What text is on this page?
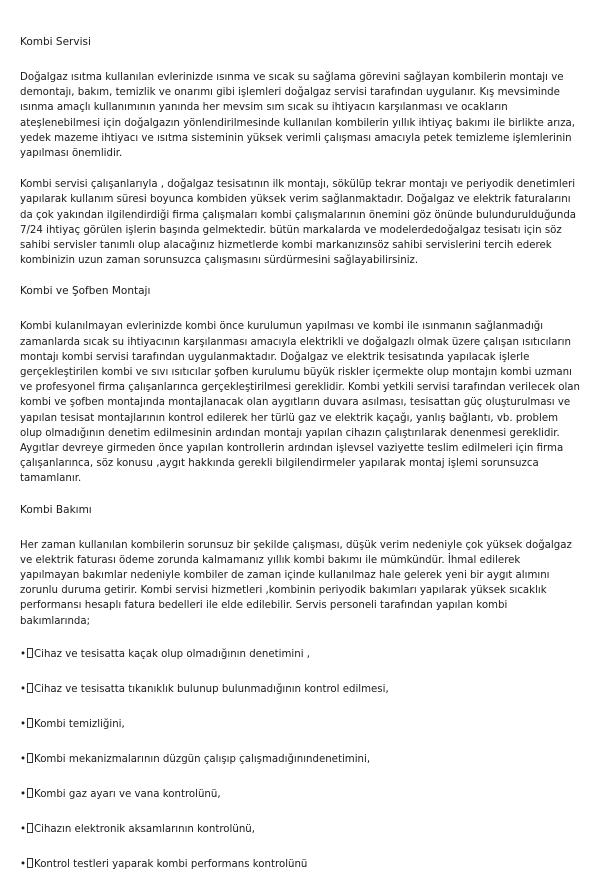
Kombi Servisi

Doğalgaz ısıtma kullanılan evlerinizde ısınma ve sıcak su sağlama görevini sağlayan kombilerin montajı ve demontajı, bakım, temizlik ve onarımı gibi işlemleri doğalgaz servisi tarafından uygulanır. Kış mevsiminde ısınma amaçlı kullanımının yanında her mevsim sım sıcak su ihtiyacın karşılanması ve ocakların ateşlenebilmesi için doğalgazın yönlendirilmesinde kullanılan kombilerin yıllık ihtiyaç bakımı ile birlikte arıza, yedek mazeme ihtiyacı ve ısıtma sisteminin yüksek verimli çalışması amacıyla petek temizleme işlemlerinin yapılması önemlidir.

Kombi servisi çalışanlarıyla , doğalgaz tesisatının ilk montajı, sökülüp tekrar montajı ve periyodik denetimleri yapılarak kullanım süresi boyunca kombiden yüksek verim sağlanmaktadır. Doğalgaz ve elektrik faturalarını da çok yakından ilgilendirdiği firma çalışmaları kombi çalışmalarının önemini göz önünde bulundurulduğunda 7/24 ihtiyaç görülen işlerin başında gelmektedir. bütün markalarda ve modelerdedoğalgaz tesisatı için söz sahibi servisler tanımlı olup alacağınız hizmetlerde kombi markanızınsöz sahibi servislerini tercih ederek kombinizin uzun zaman sorunsuzca çalışmasını sürdürmesini sağlayabilirsiniz.

Kombi ve Şofben Montajı

Kombi kulanılmayan evlerinizde kombi önce kurulumun yapılması ve kombi ile ısınmanın sağlanmadığı zamanlarda sıcak su ihtiyacının karşılanması amacıyla elektrikli ve doğalgazlı olmak üzere çalışan ısıtıcıların montajı kombi servisi tarafından uygulanmaktadır. Doğalgaz ve elektrik tesisatında yapılacak işlerle gerçekleştirilen kombi ve sıvı ısıtıcılar şofben kurulumu büyük riskler içermekte olup montajın kombi uzmanı ve profesyonel firma çalışanlarınca gerçekleştirilmesi gereklidir. Kombi yetkili servisi tarafından verilecek olan kombi ve şofben montajında montajlanacak olan aygıtların duvara asılması, tesisattan güç oluşturulması ve yapılan tesisat montajlarının kontrol edilerek her türlü gaz ve elektrik kaçağı, yanlış bağlantı, vb. problem olup olmadığının denetim edilmesinin ardından montajı yapılan cihazın çalıştırılarak denenmesi gereklidir. Aygıtlar devreye girmeden önce yapılan kontrollerin ardından işlevsel vaziyette teslim edilmeleri için firma çalışanlarınca, söz konusu ,aygıt hakkında gerekli bilgilendirmeler yapılarak montaj işlemi sorunsuzca tamamlanır.

Kombi Bakımı

Her zaman kullanılan kombilerin sorunsuz bir şekilde çalışması, düşük verim nedeniyle çok yüksek doğalgaz ve elektrik faturası ödeme zorunda kalmamanız yıllık kombi bakımı ile mümkündür. İhmal edilerek yapılmayan bakımlar nedeniyle kombiler de zaman içinde kullanılmaz hale gelerek yeni bir aygıt alımını zorunlu duruma getirir. Kombi servisi hizmetleri ,kombinin periyodik bakımları yapılarak yüksek sıcaklık performansı hesaplı fatura bedelleri ile elde edilebilir. Servis personeli tarafından yapılan kombi bakımlarında;

• Cihaz ve tesisatta kaçak olup olmadığının denetimini ,
• Cihaz ve tesisatta tıkanıklık bulunup bulunmadığının kontrol edilmesi,
• Kombi temizliğini,
• Kombi mekanizmalarının düzgün çalışıp çalışmadığınındenetimini,
• Kombi gaz ayarı ve vana kontrolünü,
• Cihazın elektronik aksamlarının kontrolünü,
• Kontrol testleri yaparak kombi performans kontrolünü
